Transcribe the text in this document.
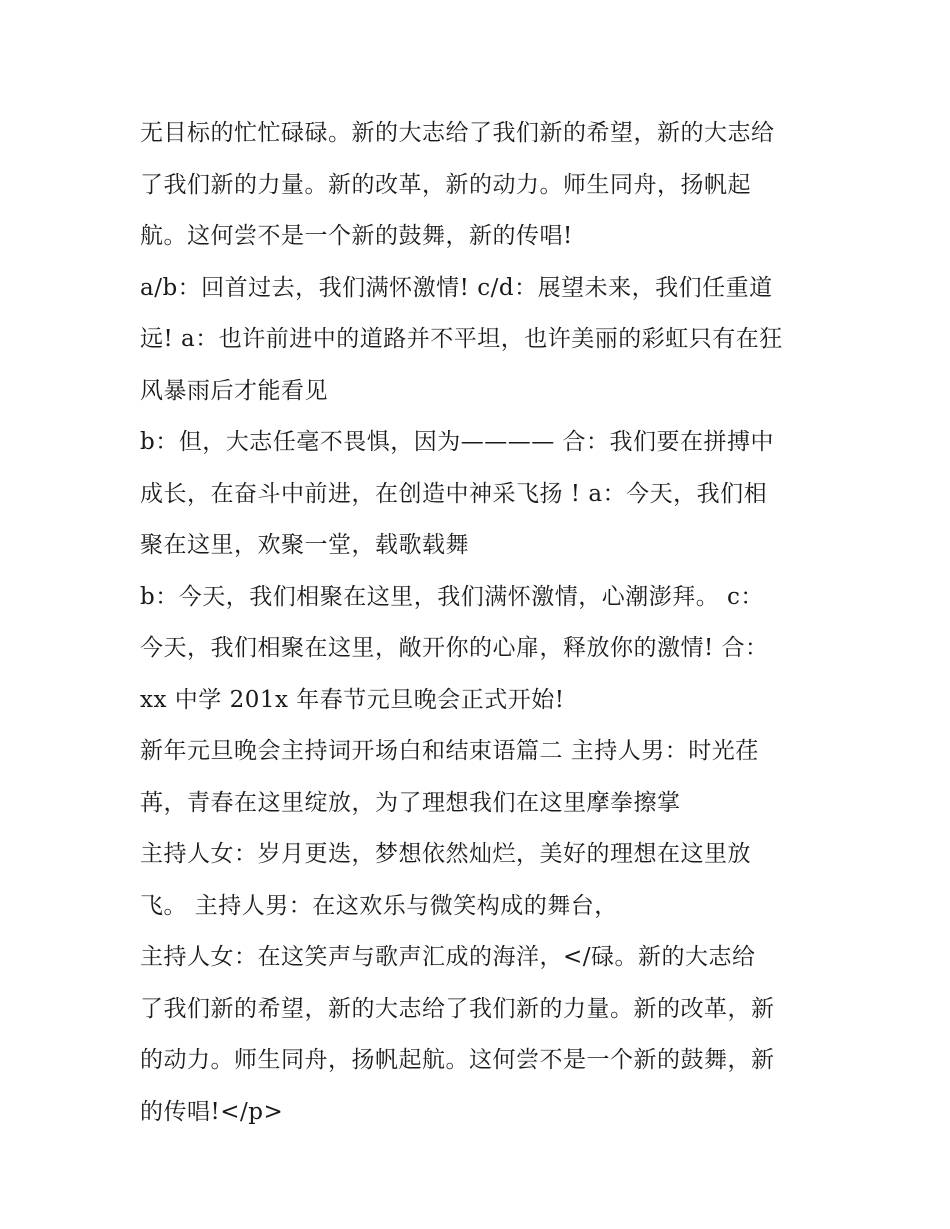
无目标的忙忙碌碌。新的大志给了我们新的希望，新的大志给
了我们新的力量。新的改革，新的动力。师生同舟，扬帆起
航。这何尝不是一个新的鼓舞，新的传唱!
a/b：回首过去，我们满怀激情! c/d：展望未来，我们任重道
远! a：也许前进中的道路并不平坦，也许美丽的彩虹只有在狂
风暴雨后才能看见
b：但，大志任毫不畏惧，因为———— 合：我们要在拼搏中
成长，在奋斗中前进，在创造中神采飞扬 ! a：今天，我们相
聚在这里，欢聚一堂，载歌载舞
b：今天，我们相聚在这里，我们满怀激情，心潮澎拜。 c：
今天，我们相聚在这里，敞开你的心扉，释放你的激情! 合：
xx 中学 201x 年春节元旦晚会正式开始!
新年元旦晚会主持词开场白和结束语篇二 主持人男：时光荏
苒，青春在这里绽放，为了理想我们在这里摩拳擦掌
主持人女：岁月更迭，梦想依然灿烂，美好的理想在这里放
飞。 主持人男：在这欢乐与微笑构成的舞台，
主持人女：在这笑声与歌声汇成的海洋，</碌。新的大志给
了我们新的希望，新的大志给了我们新的力量。新的改革，新
的动力。师生同舟，扬帆起航。这何尝不是一个新的鼓舞，新
的传唱!</p>
